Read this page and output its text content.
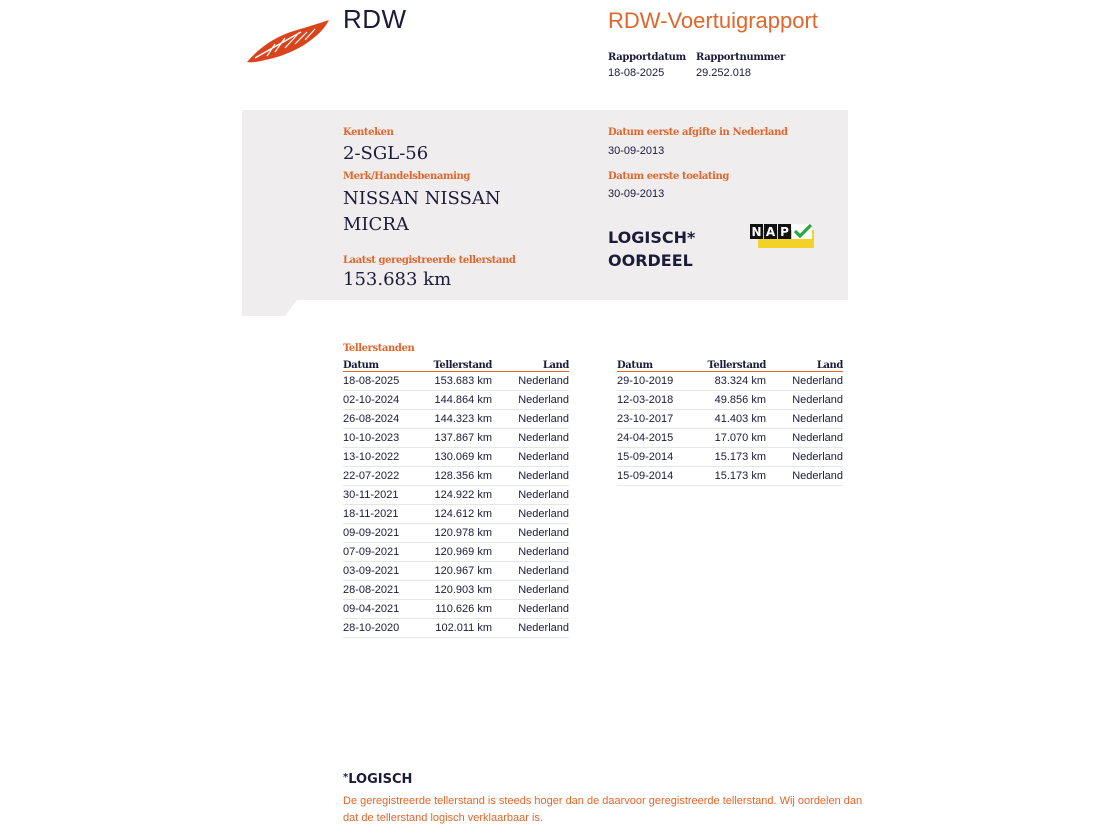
RDW	RDW-Voertuigrapport
Rapportdatum
18-08-2025
Rapportnummer
29.252.018
Kenteken
2-SGL-56
Merk/Handelsbenaming
NISSAN NISSAN
MICRA
Laatst geregistreerde tellerstand
153.683 km
Datum eerste afgifte in Nederland
30-09-2013
Datum eerste toelating
30-09-2013
LOGISCH*
OORDEEL
N A P
Tellerstanden
Datum	Tellerstand	Land
18-08-2025	153.683 km	Nederland
02-10-2024	144.864 km	Nederland
26-08-2024	144.323 km	Nederland
10-10-2023	137.867 km	Nederland
13-10-2022	130.069 km	Nederland
22-07-2022	128.356 km	Nederland
30-11-2021	124.922 km	Nederland
18-11-2021	124.612 km	Nederland
09-09-2021	120.978 km	Nederland
07-09-2021	120.969 km	Nederland
03-09-2021	120.967 km	Nederland
28-08-2021	120.903 km	Nederland
09-04-2021	110.626 km	Nederland
28-10-2020	102.011 km	Nederland
Datum	Tellerstand	Land
29-10-2019	83.324 km	Nederland
12-03-2018	49.856 km	Nederland
23-10-2017	41.403 km	Nederland
24-04-2015	17.070 km	Nederland
15-09-2014	15.173 km	Nederland
15-09-2014	15.173 km	Nederland
*LOGISCH
De geregistreerde tellerstand is steeds hoger dan de daarvoor geregistreerde tellerstand. Wij oordelen dan dat de tellerstand logisch verklaarbaar is.
